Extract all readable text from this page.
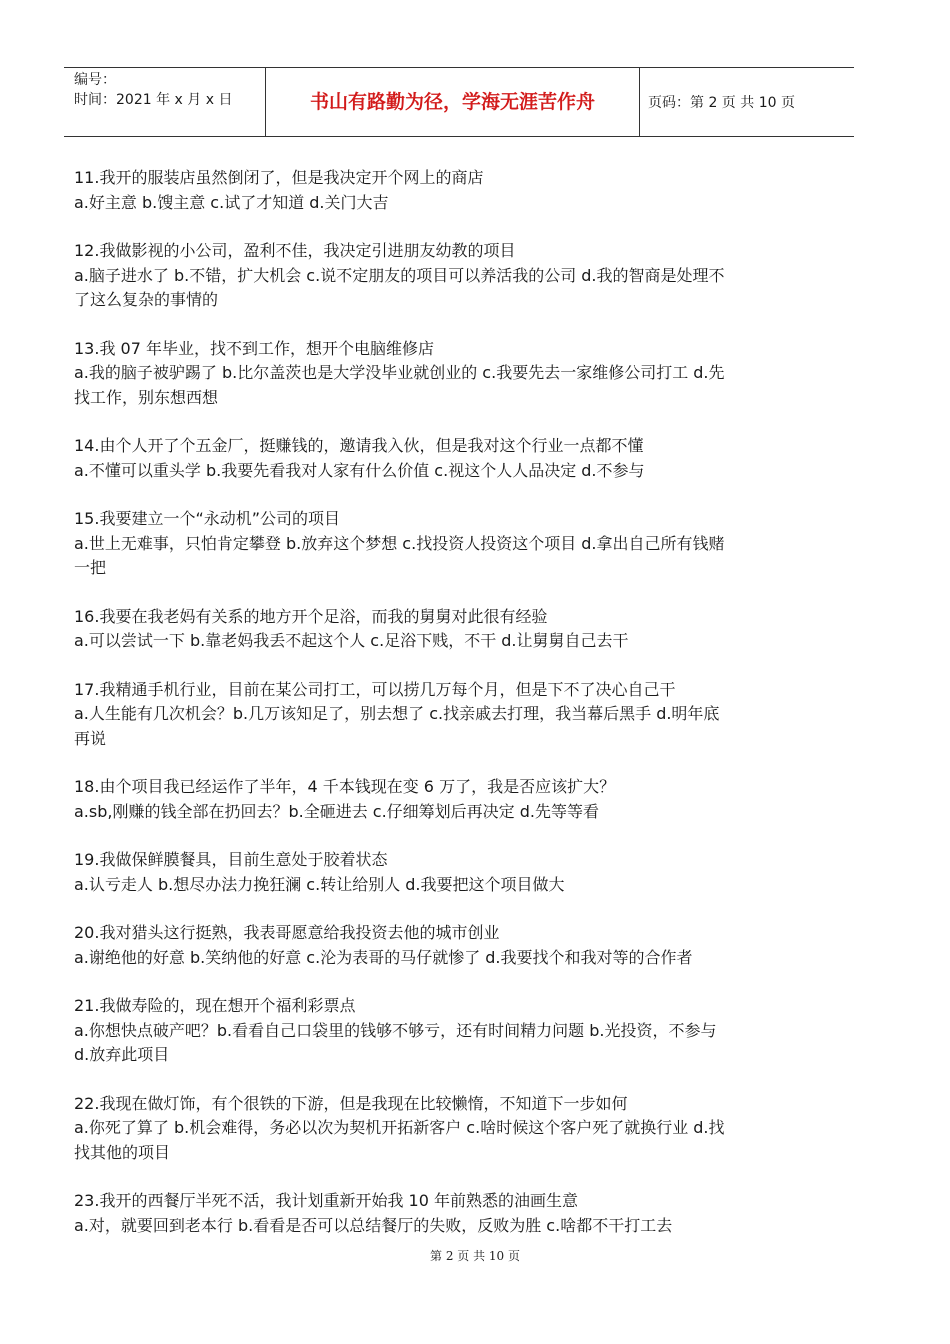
编号：
时间：2021 年 x 月 x 日	书山有路勤为径，学海无涯苦作舟	页码：第 2 页 共 10 页
11.我开的服装店虽然倒闭了，但是我决定开个网上的商店
a.好主意 b.馊主意 c.试了才知道 d.关门大吉
12.我做影视的小公司，盈利不佳，我决定引进朋友幼教的项目
a.脑子进水了 b.不错，扩大机会 c.说不定朋友的项目可以养活我的公司 d.我的智商是处理不
了这么复杂的事情的
13.我 07 年毕业，找不到工作，想开个电脑维修店
a.我的脑子被驴踢了 b.比尔盖茨也是大学没毕业就创业的 c.我要先去一家维修公司打工 d.先
找工作，别东想西想
14.由个人开了个五金厂，挺赚钱的，邀请我入伙，但是我对这个行业一点都不懂
a.不懂可以重头学 b.我要先看我对人家有什么价值 c.视这个人人品决定 d.不参与
15.我要建立一个“永动机”公司的项目
a.世上无难事，只怕肯定攀登 b.放弃这个梦想 c.找投资人投资这个项目 d.拿出自己所有钱赌
一把
16.我要在我老妈有关系的地方开个足浴，而我的舅舅对此很有经验
a.可以尝试一下 b.靠老妈我丢不起这个人 c.足浴下贱，不干 d.让舅舅自己去干
17.我精通手机行业，目前在某公司打工，可以捞几万每个月，但是下不了决心自己干
a.人生能有几次机会？b.几万该知足了，别去想了 c.找亲戚去打理，我当幕后黑手 d.明年底
再说
18.由个项目我已经运作了半年，4 千本钱现在变 6 万了，我是否应该扩大？
a.sb,刚赚的钱全部在扔回去？b.全砸进去 c.仔细筹划后再决定 d.先等等看
19.我做保鲜膜餐具，目前生意处于胶着状态
a.认亏走人 b.想尽办法力挽狂澜 c.转让给别人 d.我要把这个项目做大
20.我对猎头这行挺熟，我表哥愿意给我投资去他的城市创业
a.谢绝他的好意 b.笑纳他的好意 c.沦为表哥的马仔就惨了 d.我要找个和我对等的合作者
21.我做寿险的，现在想开个福利彩票点
a.你想快点破产吧？b.看看自己口袋里的钱够不够亏，还有时间精力问题 b.光投资，不参与
d.放弃此项目
22.我现在做灯饰，有个很铁的下游，但是我现在比较懒惰，不知道下一步如何
a.你死了算了 b.机会难得，务必以次为契机开拓新客户 c.啥时候这个客户死了就换行业 d.找
找其他的项目
23.我开的西餐厅半死不活，我计划重新开始我 10 年前熟悉的油画生意
a.对，就要回到老本行 b.看看是否可以总结餐厅的失败，反败为胜 c.啥都不干打工去
第 2 页 共 10 页
